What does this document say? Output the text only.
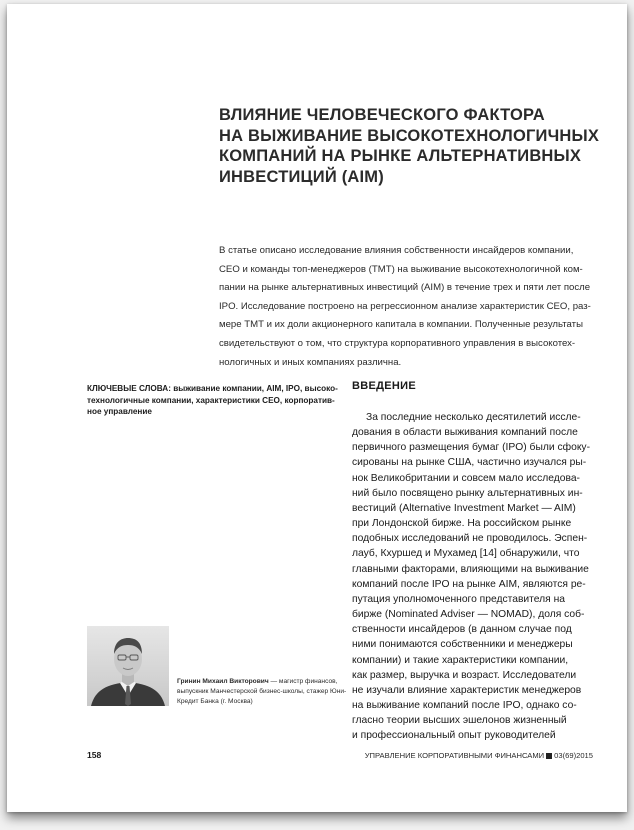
ВЛИЯНИЕ ЧЕЛОВЕЧЕСКОГО ФАКТОРА
НА ВЫЖИВАНИЕ ВЫСОКОТЕХНОЛОГИЧНЫХ
КОМПАНИЙ НА РЫНКЕ АЛЬТЕРНАТИВНЫХ
ИНВЕСТИЦИЙ (AIM)
В статье описано исследование влияния собственности инсайдеров компании,
CEO и команды топ-менеджеров (ТМТ) на выживание высокотехнологичной ком-
пании на рынке альтернативных инвестиций (AIM) в течение трех и пяти лет после
IPO. Исследование построено на регрессионном анализе характеристик CEO, раз-
мере ТМТ и их доли акционерного капитала в компании. Полученные результаты
свидетельствуют о том, что структура корпоративного управления в высокотех-
нологичных и иных компаниях различна.
КЛЮЧЕВЫЕ СЛОВА: выживание компании, AIM, IPO, высоко-
технологичные компании, характеристики CEO, корпоратив-
ное управление
ВВЕДЕНИЕ
За последние несколько десятилетий иссле-
дования в области выживания компаний после
первичного размещения бумаг (IPO) были сфоку-
сированы на рынке США, частично изучался ры-
нок Великобритании и совсем мало исследова-
ний было посвящено рынку альтернативных ин-
вестиций (Alternative Investment Market — AIM)
при Лондонской бирже. На российском рынке
подобных исследований не проводилось. Эспен-
лауб, Кхуршед и Мухамед [14] обнаружили, что
главными факторами, влияющими на выживание
компаний после IPO на рынке AIM, являются ре-
путация уполномоченного представителя на
бирже (Nominated Adviser — NOMAD), доля соб-
ственности инсайдеров (в данном случае под
ними понимаются собственники и менеджеры
компании) и такие характеристики компании,
как размер, выручка и возраст. Исследователи
не изучали влияние характеристик менеджеров
на выживание компаний после IPO, однако со-
гласно теории высших эшелонов жизненный
и профессиональный опыт руководителей
Гринин Михаил Викторович — магистр финансов,
выпускник Манчестерской бизнес-школы, стажер Юни-
Кредит Банка (г. Москва)
158	УПРАВЛЕНИЕ КОРПОРАТИВНЫМИ ФИНАНСАМИ 03(69)2015
